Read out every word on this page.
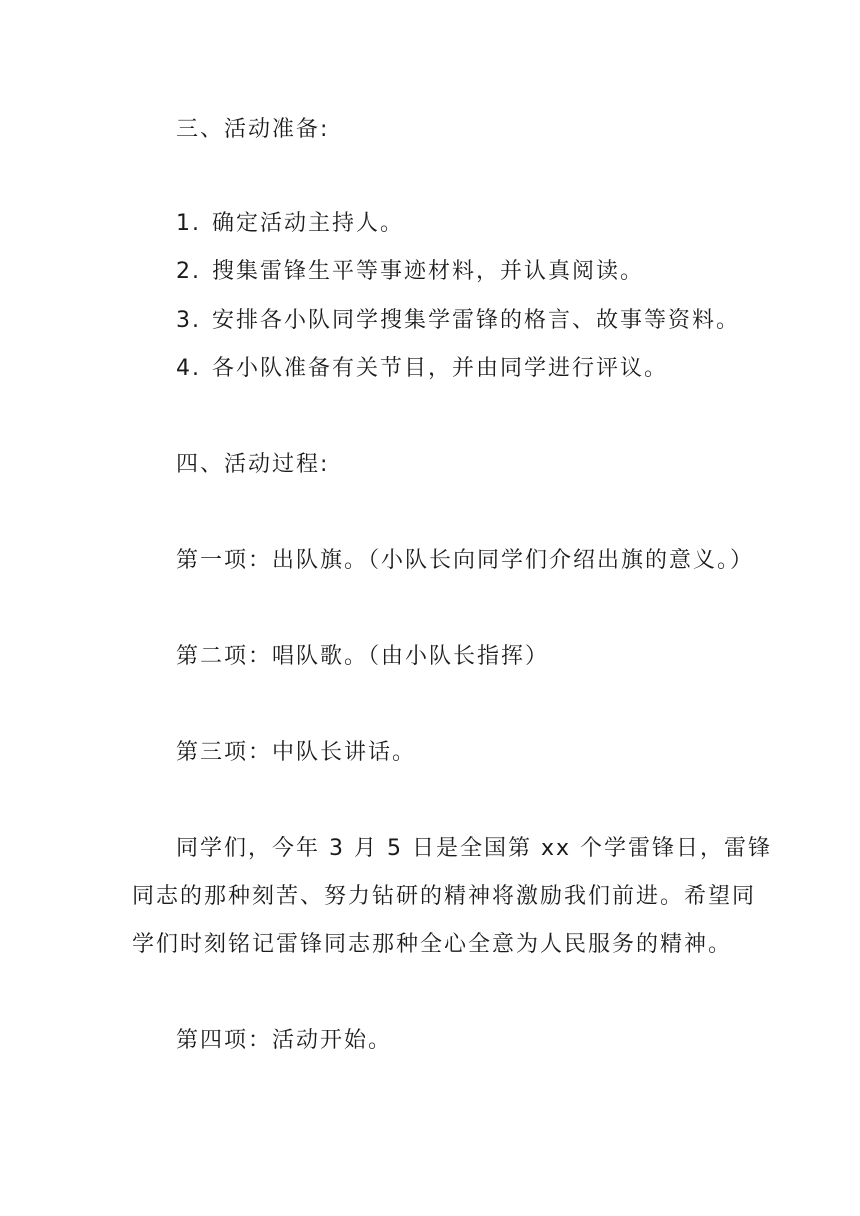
三、活动准备:
1. 确定活动主持人。
2. 搜集雷锋生平等事迹材料，并认真阅读。
3. 安排各小队同学搜集学雷锋的格言、故事等资料。
4. 各小队准备有关节目，并由同学进行评议。
四、活动过程:
第一项：出队旗。（小队长向同学们介绍出旗的意义。）
第二项：唱队歌。（由小队长指挥）
第三项：中队长讲话。
同学们，今年 3 月 5 日是全国第 xx 个学雷锋日，雷锋
同志的那种刻苦、努力钻研的精神将激励我们前进。希望同
学们时刻铭记雷锋同志那种全心全意为人民服务的精神。
第四项：活动开始。
